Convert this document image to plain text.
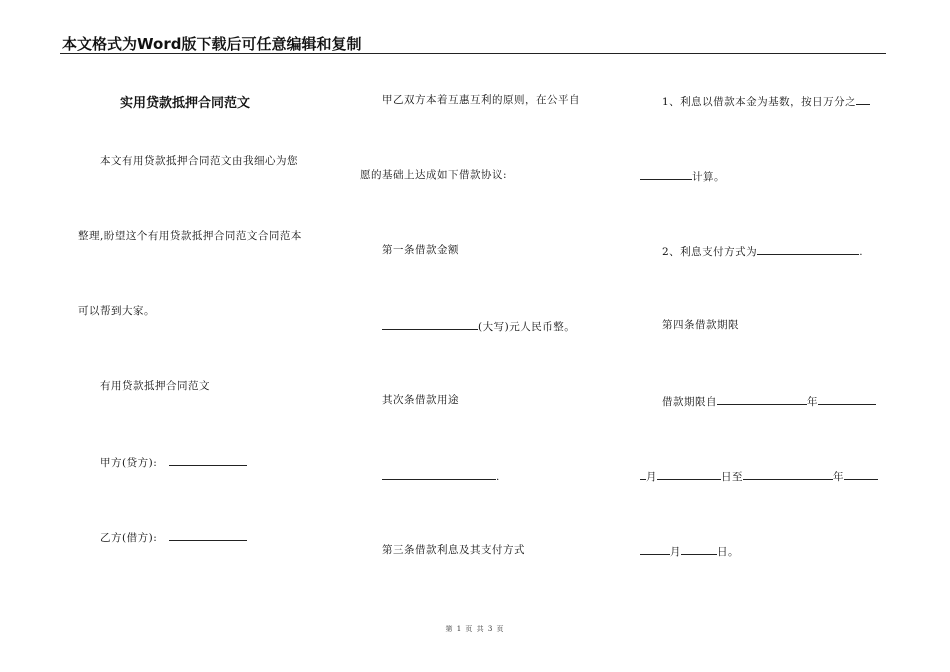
本文格式为Word版下载后可任意编辑和复制
实用贷款抵押合同范文
本文有用贷款抵押合同范文由我细心为您
整理,盼望这个有用贷款抵押合同范文合同范本
可以帮到大家。
有用贷款抵押合同范文
甲方(贷方):
乙方(借方):
甲乙双方本着互惠互利的原则，在公平自
愿的基础上达成如下借款协议:
第一条借款金额
(大写)元人民币整。
其次条借款用途
.
第三条借款利息及其支付方式
1、利息以借款本金为基数，按日万分之
计算。
2、利息支付方式为	.
第四条借款期限
借款期限自	年
月	日至	年
月	日。
第 1 页 共 3 页
